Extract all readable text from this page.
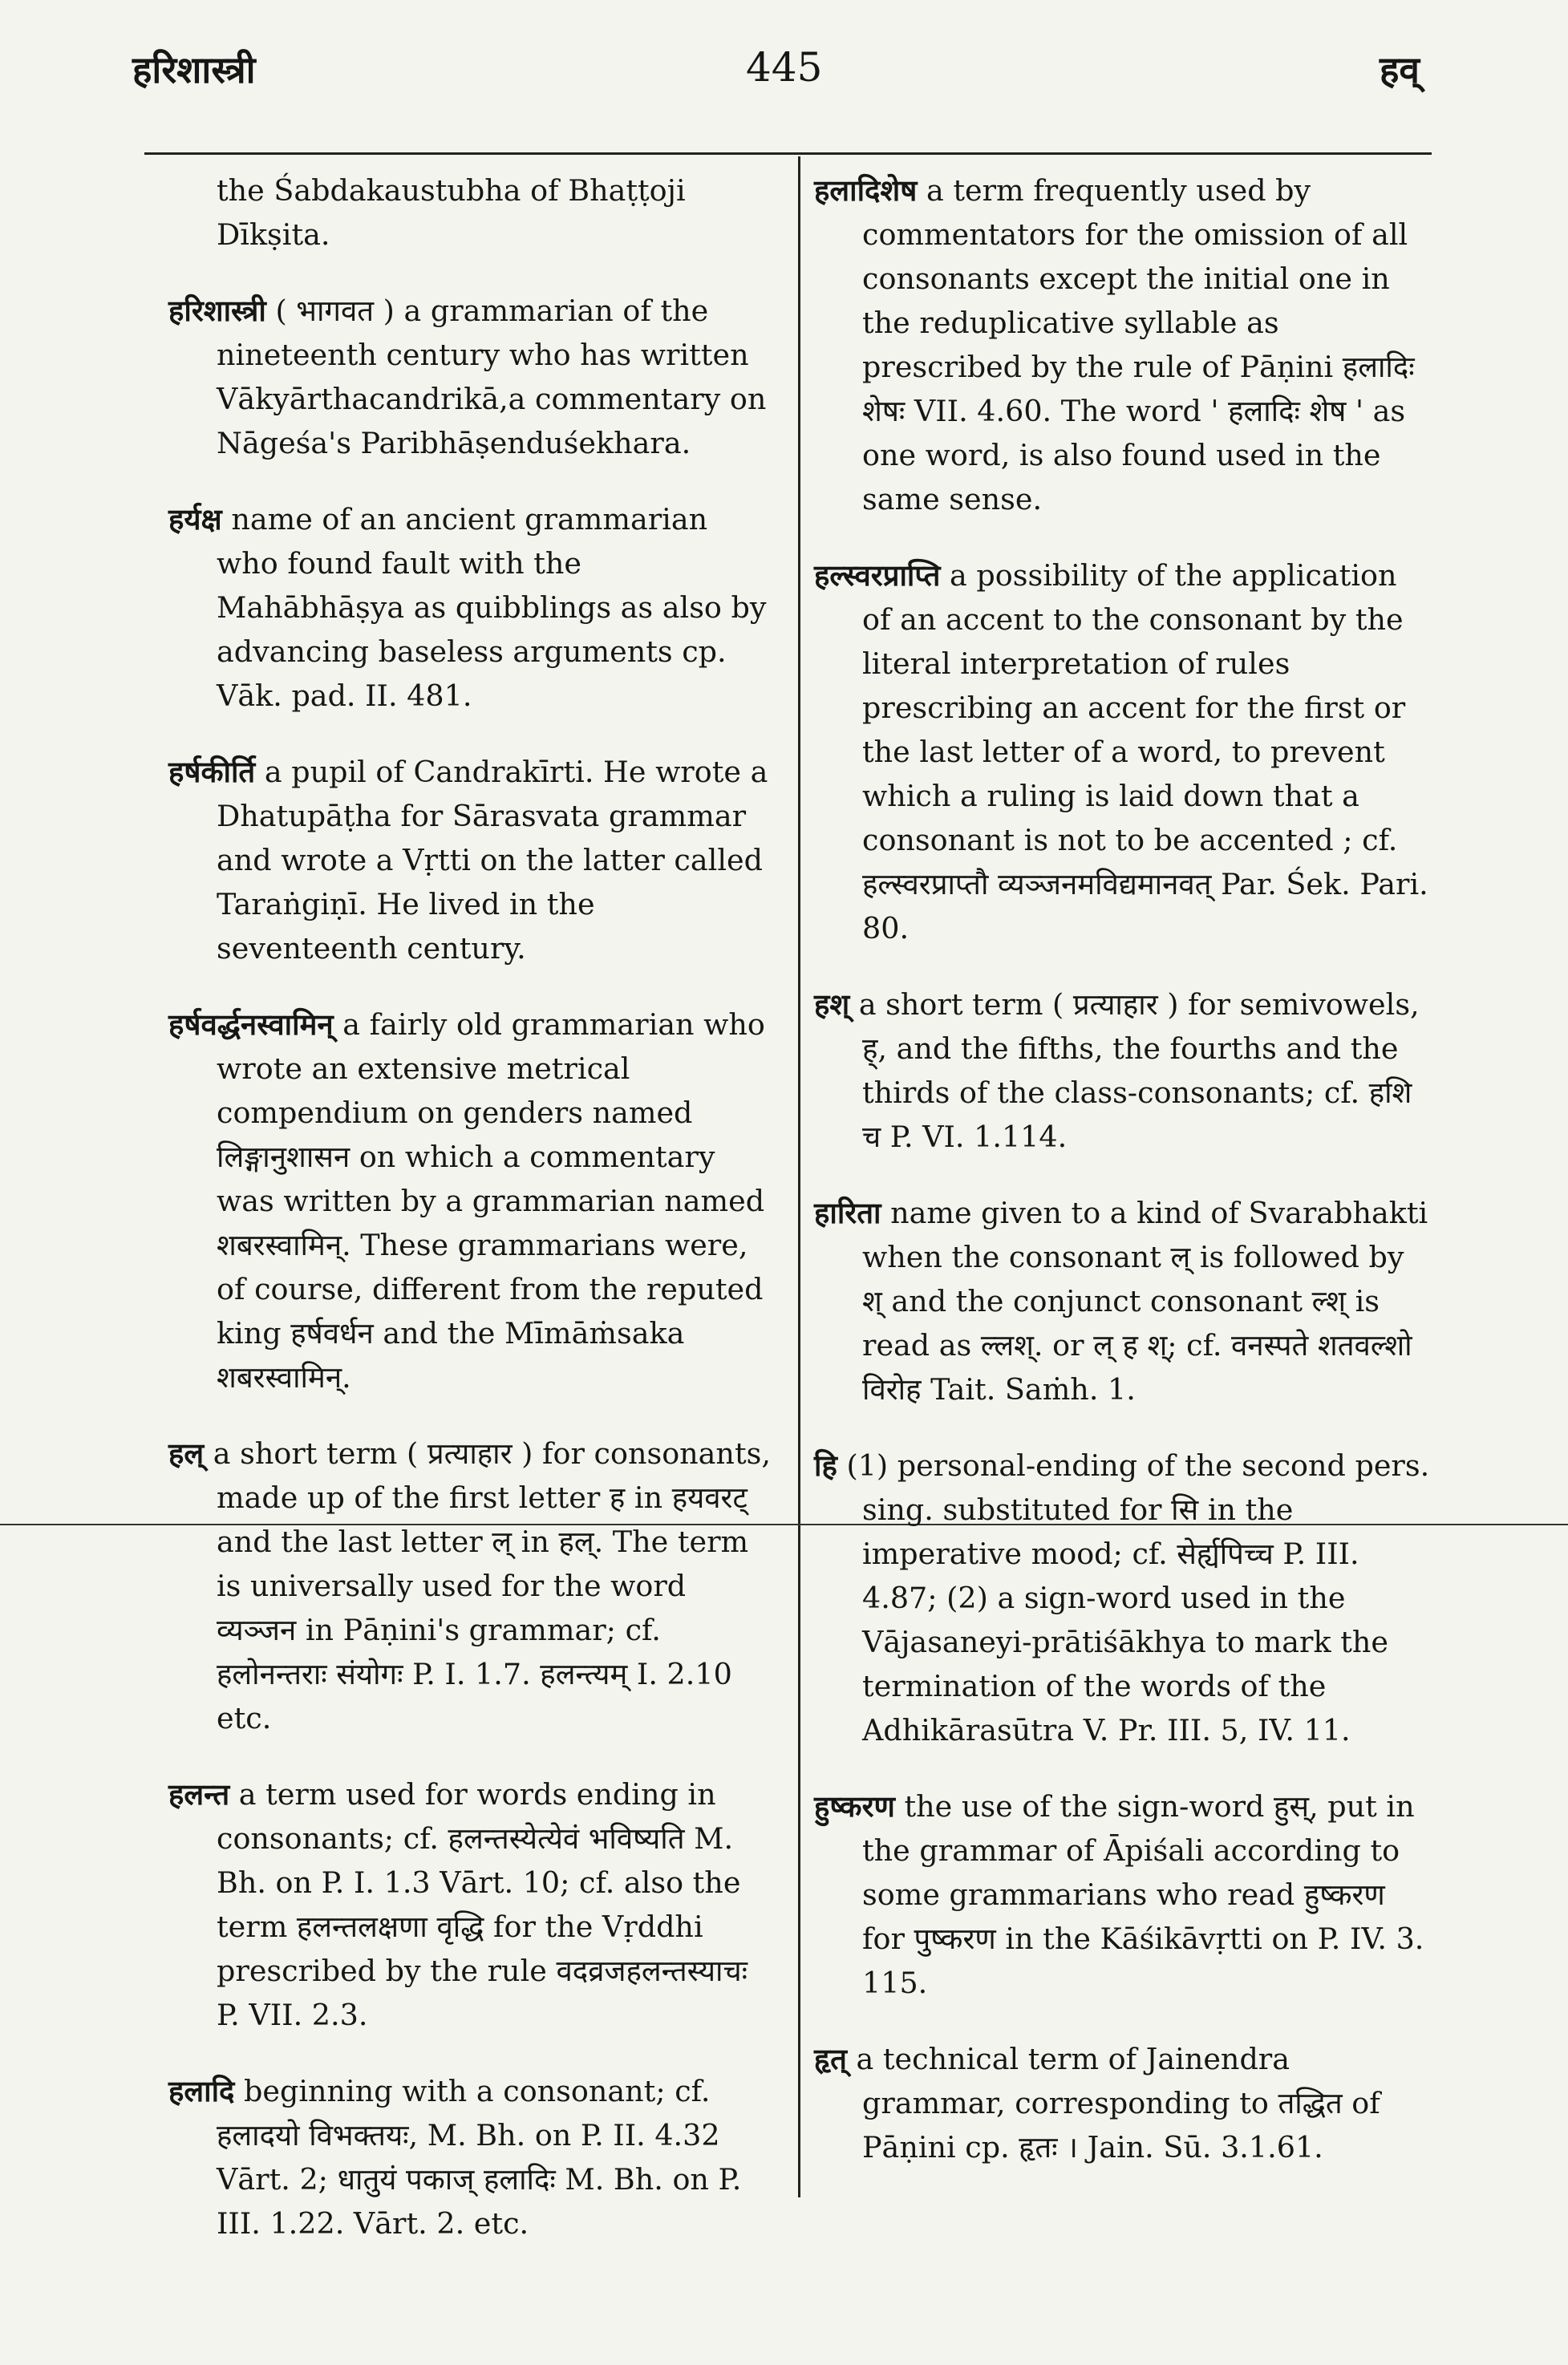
हरिशास्त्री	445	हव्

the Śabdakaustubha of Bhaṭṭoji Dīkṣita.

हरिशास्त्री ( भागवत ) a grammarian of the nineteenth century who has written Vākyārthacandrikā,a commentary on Nāgeśa's Paribhāṣenduśekhara.

हर्यक्ष name of an ancient grammarian who found fault with the Mahābhāṣya as quibblings as also by advancing baseless arguments cp. Vāk. pad. II. 481.

हर्षकीर्ति a pupil of Candrakīrti. He wrote a Dhatupāṭha for Sārasvata grammar and wrote a Vṛtti on the latter called Taraṅgiṇī. He lived in the seventeenth century.

हर्षवर्द्धनस्वामिन् a fairly old grammarian who wrote an extensive metrical compendium on genders named लिङ्गानुशासन on which a commentary was written by a grammarian named शबरस्वामिन्. These grammarians were, of course, different from the reputed king हर्षवर्धन and the Mīmāṁsaka शबरस्वामिन्.

हल् a short term ( प्रत्याहार ) for consonants, made up of the first letter ह in हयवरट् and the last letter ल् in हल्. The term is universally used for the word व्यञ्जन in Pāṇini's grammar; cf. हलोनन्तराः संयोगः P. I. 1.7. हलन्त्यम् I. 2.10 etc.

हलन्त a term used for words ending in consonants; cf. हलन्तस्येत्येवं भविष्यति M. Bh. on P. I. 1.3 Vārt. 10; cf. also the term हलन्तलक्षणा वृद्धि for the Vṛddhi prescribed by the rule वदव्रजहलन्तस्याचः P. VII. 2.3.

हलादि beginning with a consonant; cf. हलादयो विभक्तयः, M. Bh. on P. II. 4.32 Vārt. 2; धातुयं पकाज् हलादिः M. Bh. on P. III. 1.22. Vārt. 2. etc.

हलादिशेष a term frequently used by commentators for the omission of all consonants except the initial one in the reduplicative syllable as prescribed by the rule of Pāṇini हलादिः शेषः VII. 4.60. The word ' हलादिः शेष ' as one word, is also found used in the same sense.

हल्स्वरप्राप्ति a possibility of the application of an accent to the consonant by the literal interpretation of rules prescribing an accent for the first or the last letter of a word, to prevent which a ruling is laid down that a consonant is not to be accented ; cf. हल्स्वरप्राप्तौ व्यञ्जनमविद्यमानवत् Par. Śek. Pari. 80.

हश् a short term ( प्रत्याहार ) for semivowels, ह्, and the fifths, the fourths and the thirds of the class-consonants; cf. हशि च P. VI. 1.114.

हारिता name given to a kind of Svarabhakti when the consonant ल् is followed by श् and the conjunct consonant ल्श् is read as ल्लश्. or ल् ह श्; cf. वनस्पते शतवल्शो विरोह Tait. Saṁh. 1.

हि (1) personal-ending of the second pers. sing. substituted for सि in the imperative mood; cf. सेर्ह्यपिच्च P. III. 4.87; (2) a sign-word used in the Vājasaneyi-prātiśākhya to mark the termination of the words of the Adhikārasūtra V. Pr. III. 5, IV. 11.

हुष्करण the use of the sign-word हुस्, put in the grammar of Āpiśali according to some grammarians who read हुष्करण for पुष्करण in the Kāśikāvṛtti on P. IV. 3. 115.

हृत् a technical term of Jainendra grammar, corresponding to तद्धित of Pāṇini cp. हृतः । Jain. Sū. 3.1.61.
